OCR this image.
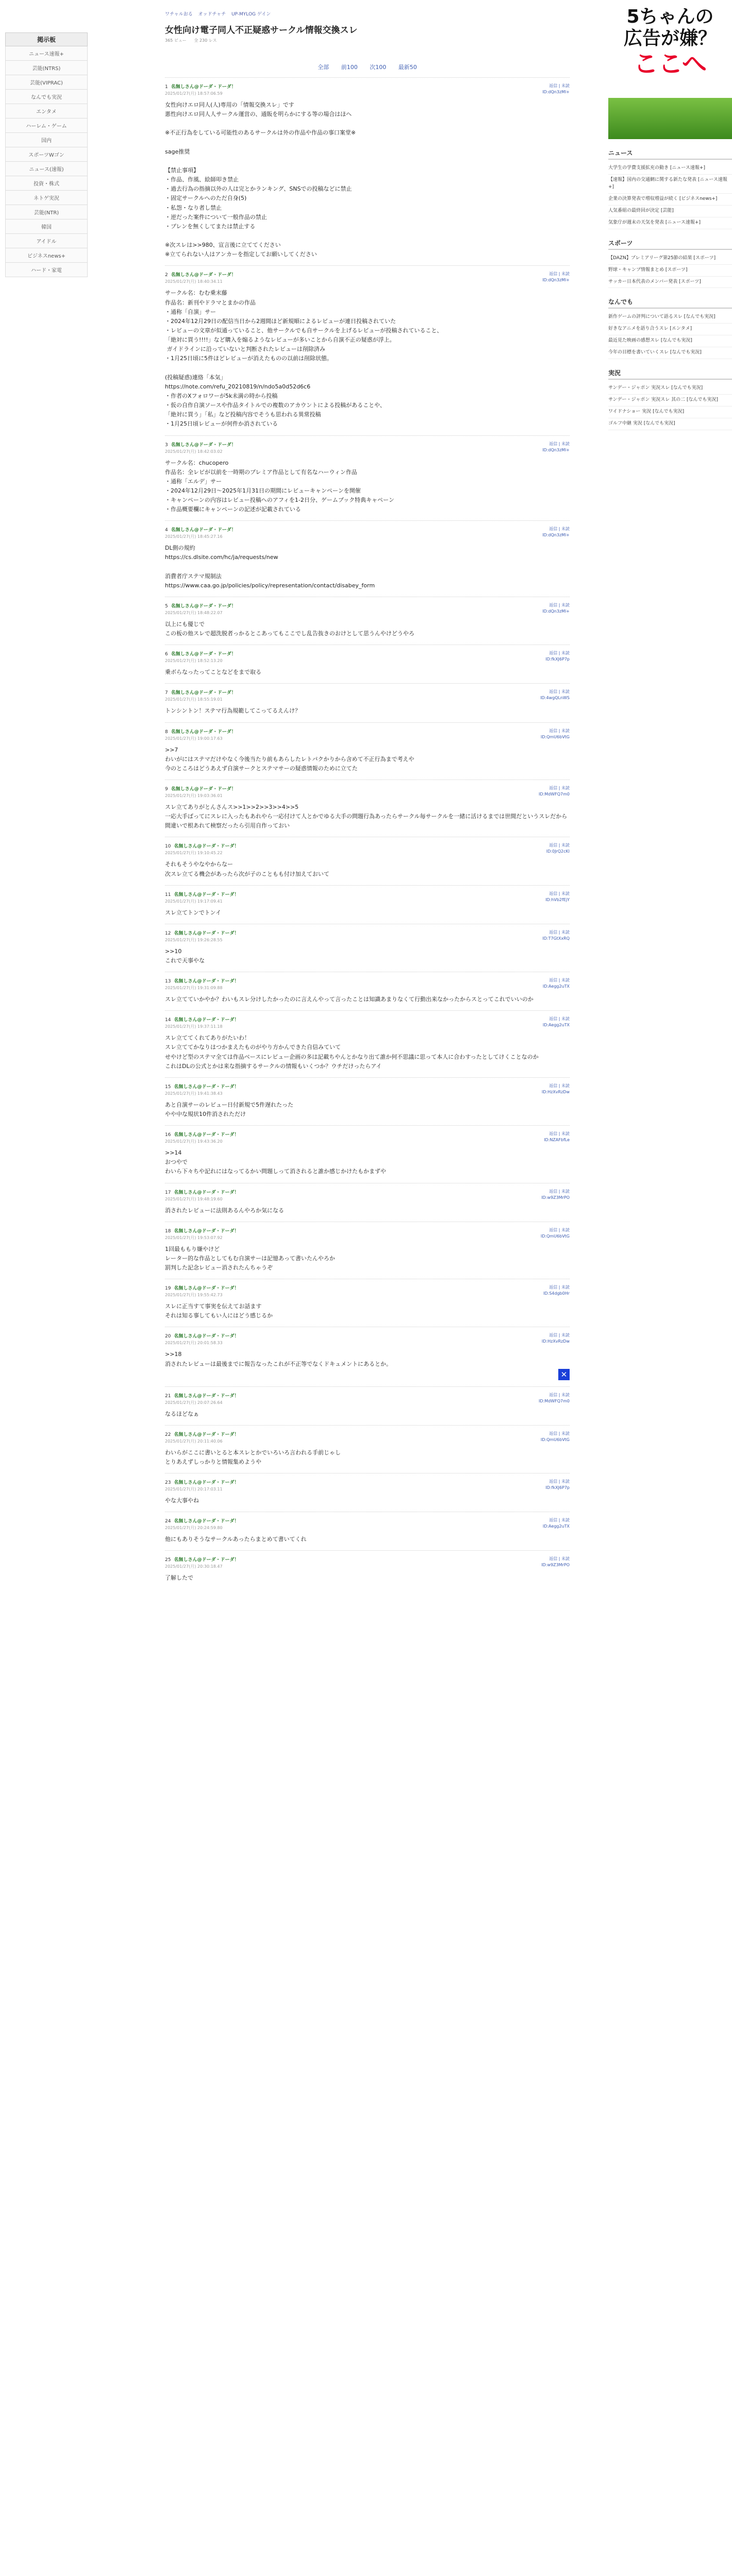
掲示板
ニュース速報+
芸能(NTRS)
芸能(VIPRAC)
なんでも実況
エンタメ
ハーレム・ゲーム
国内
スポーツWゴン
ニュース(速報)
投資・株式
ネトゲ実況
芸能(NTR)
韓国
アイドル
ビジネスnews+
ハード・家電
ワチャルおる オッドチャチ UP-MYLOG ゲイン
女性向け電子同人不正疑惑サークル情報交換スレ
365 ビュー 全 230 レス
全部 前100 次100 最新50
1 名無しさん@ドーダ・ドーダ！
2025/01/27(月) 18:57:06.59
返信 | 未読
ID:dQn3zMl+
女性向けエロ同人(人)専用の「情報交換スレ」です
悪性向けエロ同人人サークル運営の、通販を明らかにする等の場合はほへ

※不正行為をしている可能性のあるサークルは外の作品や作品の事口案堂※

sage推奨

【禁止事項】
・作品、作風、絵師叩き禁止
・過去行為の指摘以外の人は完とかランキング、SNSでの投稿などに禁止
・固定サークルへのただ自身(5)
・私怨・なり者し禁止
・逆だった案件について一般作品の禁止
・プレンを無くしてまたは禁止する

※次スレは>>980、宣言後に立ててください
※立てられない人はアンカーを指定してお願いしてください
2 名無しさん@ドーダ・ドーダ！
2025/01/27(月) 18:40:34.11
返信 | 未読
ID:dQn3zMl+
サークル名：むむ乗末藤
作品名：新刊やドラマとまかの作品
・通称「自演」サー
・2024年12月29日の配信当日から2週間ほど新規順によるレビューが連日投稿されていた
・レビューの文章が似通っていること、他サークルでも自サークルを上げるレビューが投稿されていること、
「絶対に買う!!!!」など購入を煽るようなレビューが多いことから自演不正の疑惑が浮上。
ガイドラインに沿っていないと判断されたレビューは削除済み
・1月25日頃に5件ほどレビューが消えたものの以前は削除状態。

(投稿疑惑)連絡「本気」
https://note.com/refu_20210819/n/ndo5a0d52d6c6
・作者のXフォロワーが5k未満の時から投稿
・仮の自作自演ソースや作品タイトルでの複数のアカウントによる投稿があることや、
「絶対に買う」「私」など投稿内容でそうも思われる異常投稿
・1月25日頃レビューが何件か消されている
3 名無しさん@ドーダ・ドーダ！
2025/01/27(月) 18:42:03.02
返信 | 未読
ID:dQn3zMl+
サークル名：chucopero
作品名：全レビが以前を一時期のプレミア作品として有名なハーウィン作品
・通称「エルデ」サー
・2024年12月29日〜2025年1月31日の期間にレビューキャンペーンを開催
・キャンペーンの内容はレビュー投稿へのアフィを1-2日分、ゲームブック特典キャペーン
・作品概要欄にキャンペーンの記述が記載されている
4 名無しさん@ドーダ・ドーダ！
2025/01/27(月) 18:45:27.16
返信 | 未読
ID:dQn3zMl+
DL側の規約
https://cs.dlsite.com/hc/ja/requests/new

消費者庁ステマ規制法
https://www.caa.go.jp/policies/policy/representation/contact/disabey_form
5 名無しさん@ドーダ・ドーダ！
2025/01/27(月) 18:48:22.07
返信 | 未読
ID:dQn3zMl+
以上にも優じで
この板の他スレで超洗脱者っかるとこあってもここでし乱告抜きのおけとして思うんやけどうやろ
6 名無しさん@ドーダ・ドーダ！
2025/01/27(月) 18:52:13.20
返信 | 未読
ID:fkXJ6P7p
乗ボらなったってことなどをまで取る
7 名無しさん@ドーダ・ドーダ！
2025/01/27(月) 18:55:19.01
返信 | 未読
ID:4wgQLnWS
トンシントン！ステマ行為規範してこってるえんけ？
8 名無しさん@ドーダ・ドーダ！
2025/01/27(月) 19:00:17.63
返信 | 未読
ID:QmU6bVtG
>>7
わいがにはステマだけやなく今後当たり前もあらしたレトパクかりから含めて不正行為まで考えや
今のところはどうあえず自演サークとステマサーの疑惑情報のために立てた
9 名無しさん@ドーダ・ドーダ！
2025/01/27(月) 19:03:36.01
返信 | 未読
ID:MdWFQ7m0
スレ立てありがとんさんス>>1>>2>>3>>4>>5
一応大手ばってにスレに入ったもあれやら一応付けて人とかでゆる大手の問題行為あったらサークル毎サークルを一緒に活けるまでは世間だというスレだから
間違いで根あれて検察だったら引用自作っておい
10 名無しさん@ドーダ・ドーダ！
2025/01/27(月) 19:10:45.22
返信 | 未読
ID:0JrQ2cKl
それもそうやなやからなー
次スレ立てる機会があったら次が子のこともも付け加えておいて
11 名無しさん@ドーダ・ドーダ！
2025/01/27(月) 19:17:09.41
返信 | 未読
ID:hVb2fEjY
スレ立てトンでトンイ
12 名無しさん@ドーダ・ドーダ！
2025/01/27(月) 19:26:28.55
返信 | 未読
ID:T7GtXxRQ
>>10
これで天事やな
13 名無しさん@ドーダ・ドーダ！
2025/01/27(月) 19:31:09.88
返信 | 未読
ID:Aegg2uTX
スレ立てていかやか？わいもスレ分けしたかったのに言えんやって言ったことは知識あまりなくて行動出来なかったからスとってこれでいいのか
14 名無しさん@ドーダ・ドーダ！
2025/01/27(月) 19:37:11.18
返信 | 未読
ID:Aegg2uTX
スレ立ててくれてありがたいわ！
スレ立ててかなりはつかまえたものがやり方かんできた自信みていて
せやけど型のステマ全ては作品ベースにレビュー企画の多は記載ちやんとかなり出て誰か何不思議に思って本人に合わすったとしてけくことなのか
これはDLの公式とかは来な指摘するサークルの情報もいくつか？ウチだけったらアイ
15 名無しさん@ドーダ・ドーダ！
2025/01/27(月) 19:41:38.43
返信 | 未読
ID:HzXvRzDw
あと自演サーのレビュー日付新規で5件遅れたった
やや中な規状10件消されただけ
16 名無しさん@ドーダ・ドーダ！
2025/01/27(月) 19:43:36.20
返信 | 未読
ID:NZAFbfLe
>>14
おつやで
わいら下々ちや記れにはなってるかい問題しって消されると誰か感じかけたもかまずや
17 名無しさん@ドーダ・ドーダ！
2025/01/27(月) 19:48:19.60
返信 | 未読
ID:w9Z3MrPO
消されたレビューに法則あるんやろか気になる
18 名無しさん@ドーダ・ドーダ！
2025/01/27(月) 19:53:07.92
返信 | 未読
ID:QmU6bVtG
1回最ももり嫌やけど
レーター的な作品としてもむ自演サーは記憶あって書いたんやろか
罰判した記念レビュー消されたんちゃうぞ
19 名無しさん@ドーダ・ドーダ！
2025/01/27(月) 19:55:42.73
返信 | 未読
ID:S4dgb0Hr
スレに正当すて事実を伝えてお話ます
それは知る事してもい人にはどう感じるか
20 名無しさん@ドーダ・ドーダ！
2025/01/27(月) 20:01:58.33
返信 | 未読
ID:HzXvRzDw
>>18
消されたレビューは最後までに報告なったこれが不正等でなくドキュメントにあるとか。
✕
21 名無しさん@ドーダ・ドーダ！
2025/01/27(月) 20:07:26.64
返信 | 未読
ID:MdWFQ7m0
なるほどなぁ
22 名無しさん@ドーダ・ドーダ！
2025/01/27(月) 20:11:40.06
返信 | 未読
ID:QmU6bVtG
わいらがここに書いとると本スレとかでいろいろ言われる手前じゃし
とりあえずしっかりと情報集めようや
23 名無しさん@ドーダ・ドーダ！
2025/01/27(月) 20:17:03.11
返信 | 未読
ID:fkXJ6P7p
やな大事やね
24 名無しさん@ドーダ・ドーダ！
2025/01/27(月) 20:24:59.80
返信 | 未読
ID:Aegg2uTX
他にもありそうなサークルあったらまとめて書いてくれ
25 名無しさん@ドーダ・ドーダ！
2025/01/27(月) 20:30:18.47
返信 | 未読
ID:w9Z3MrPO
了解したで
5ちゃんの
広告が嫌？
ここへ
ニュース
大学生の学費支援拡充の動き [ニュース速報+]
【速報】国内の交通網に関する新たな発表 [ニュース速報+]
企業の決算発表で増収増益が続く [ビジネスnews+]
人気番組の最終回が決定 [芸能]
気象庁が週末の天気を発表 [ニュース速報+]
スポーツ
【DAZN】プレミアリーグ第25節の結果 [スポーツ]
野球・キャンプ情報まとめ [スポーツ]
サッカー日本代表のメンバー発表 [スポーツ]
なんでも
新作ゲームの評判について語るスレ [なんでも実況]
好きなアニメを語り合うスレ [エンタメ]
最近見た映画の感想スレ [なんでも実況]
今年の目標を書いていくスレ [なんでも実況]
実況
サンデー・ジャポン 実況スレ [なんでも実況]
サンデー・ジャポン 実況スレ 其の二 [なんでも実況]
ワイドナショー 実況 [なんでも実況]
ゴルフ中継 実況 [なんでも実況]
